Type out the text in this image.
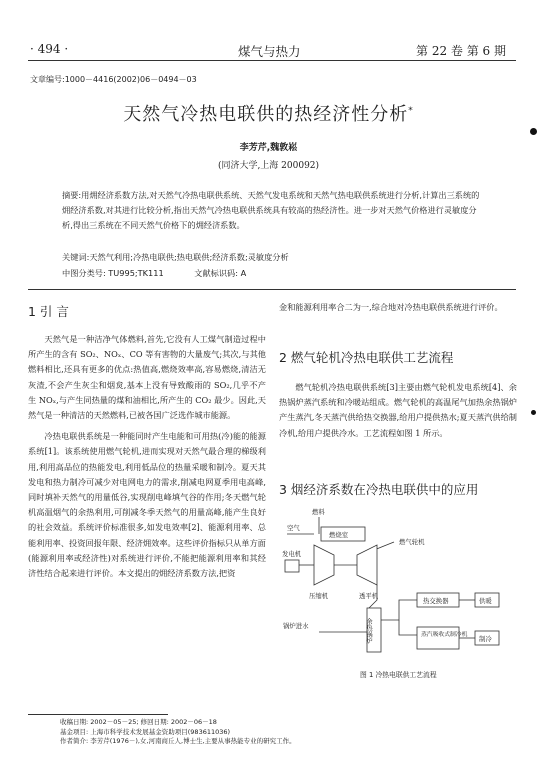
· 494 ·	煤气与热力	第 22 卷 第 6 期
文章编号:1000－4416(2002)06－0494－03
天然气冷热电联供的热经济性分析*
李芳芹,魏敦崧
(同济大学,上海 200092)
摘要:用㶲经济系数方法,对天然气冷热电联供系统、天然气发电系统和天然气热电联供系统进行分析,计算出三系统的㶲经济系数,对其进行比较分析,指出天然气冷热电联供系统具有较高的热经济性。进一步对天然气价格进行灵敏度分析,得出三系统在不同天然气价格下的㶲经济系数。
关键词:天然气利用;冷热电联供;热电联供;经济系数;灵敏度分析
中图分类号: TU995;TK111	文献标识码: A
1 引 言

天然气是一种洁净气体燃料,首先,它没有人工煤气制造过程中所产生的含有 SO₂、NOₓ、CO 等有害物的大量废气;其次,与其他燃料相比,还具有更多的优点:热值高,燃烧效率高,容易燃烧,清洁无灰渣,不会产生灰尘和烟炱,基本上没有导致酸雨的 SO₂,几乎不产生 NOₓ,与产生同热量的煤和油相比,所产生的 CO₂ 最少。因此,天然气是一种清洁的天然燃料,已被各国广泛选作城市能源。

冷热电联供系统是一种能同时产生电能和可用热(冷)能的能源系统[1]。该系统使用燃气轮机,进而实现对天然气最合理的梯级利用,利用高品位的热能发电,利用低品位的热量采暖和制冷。夏天其发电和热力制冷可减少对电网电力的需求,削减电网夏季用电高峰,同时填补天然气的用量低谷,实现削电峰填气谷的作用;冬天燃气轮机高温烟气的余热利用,可削减冬季天然气的用量高峰,能产生良好的社会效益。系统评价标准很多,如发电效率[2]、能源利用率、总能利用率、投资回报年限、经济㶲效率。这些评价指标只从单方面(能源利用率或经济性)对系统进行评价,不能把能源利用率和其经济性结合起来进行评价。本文提出的㶲经济系数方法,把资

金和能源利用率合二为一,综合地对冷热电联供系统进行评价。

2 燃气轮机冷热电联供工艺流程

燃气轮机冷热电联供系统[3]主要由燃气轮机发电系统[4]、余热锅炉蒸汽系统和冷暖站组成。燃气轮机的高温尾气加热余热锅炉产生蒸汽,冬天蒸汽供给热交换器,给用户提供热水;夏天蒸汽供给制冷机,给用户提供冷水。工艺流程如图 1 所示。

3 烟经济系数在冷热电联供中的应用
燃料
空气
燃烧室
燃气轮机
发电机
压缩机	透平机
余热锅炉
锅炉进水
热交换器	供暖
蒸汽吸收式制冷机 制冷
图 1 冷热电联供工艺流程
收稿日期: 2002－05－25; 修回日期: 2002－06－18
基金项目: 上海市科学技术发展基金资助项目(983611036)
作者简介: 李芳芹(1976－),女,河南商丘人,博士生,主要从事热能专业的研究工作。
